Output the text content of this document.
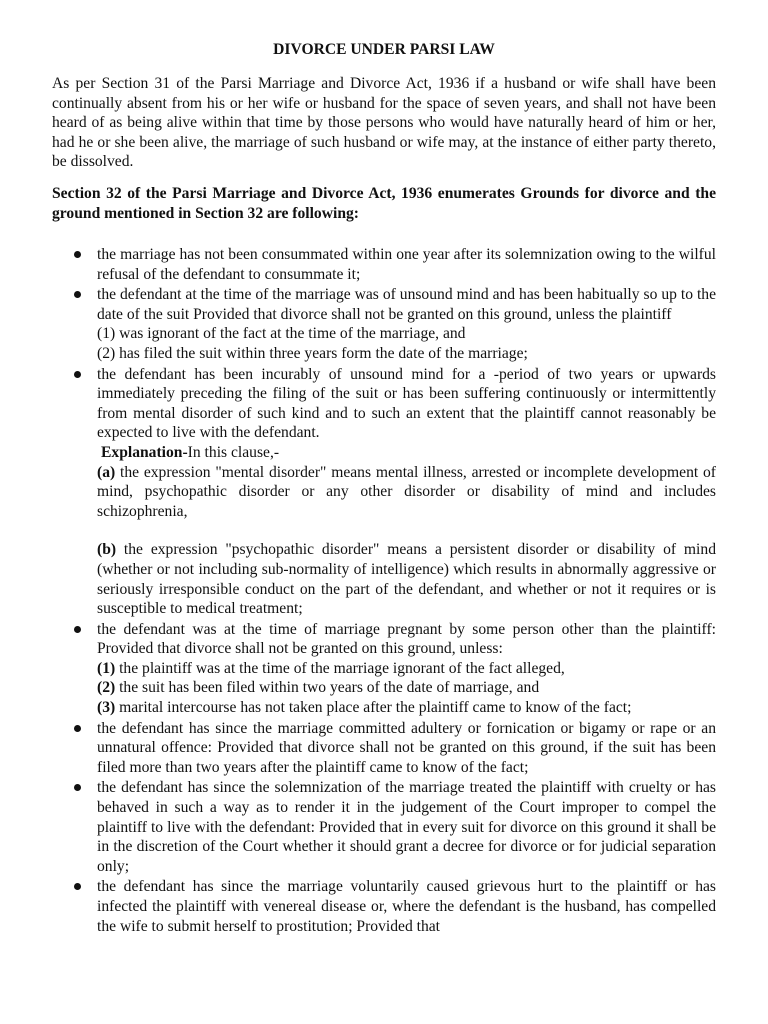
DIVORCE UNDER PARSI LAW

As per Section 31 of the Parsi Marriage and Divorce Act, 1936 if a husband or wife shall have been continually absent from his or her wife or husband for the space of seven years, and shall not have been heard of as being alive within that time by those persons who would have naturally heard of him or her, had he or she been alive, the marriage of such husband or wife may, at the instance of either party thereto, be dissolved.

Section 32 of the Parsi Marriage and Divorce Act, 1936 enumerates Grounds for divorce and the ground mentioned in Section 32 are following:

the marriage has not been consummated within one year after its solemnization owing to the wilful refusal of the defendant to consummate it;

the defendant at the time of the marriage was of unsound mind and has been habitually so up to the date of the suit Provided that divorce shall not be granted on this ground, unless the plaintiff

(1) was ignorant of the fact at the time of the marriage, and

(2) has filed the suit within three years form the date of the marriage;

the defendant has been incurably of unsound mind for a -period of two years or upwards immediately preceding the filing of the suit or has been suffering continuously or intermittently from mental disorder of such kind and to such an extent that the plaintiff cannot reasonably be expected to live with the defendant.

Explanation-In this clause,-

(a) the expression "mental disorder" means mental illness, arrested or incomplete development of mind, psychopathic disorder or any other disorder or disability of mind and includes schizophrenia,

(b) the expression "psychopathic disorder" means a persistent disorder or disability of mind (whether or not including sub-normality of intelligence) which results in abnormally aggressive or seriously irresponsible conduct on the part of the defendant, and whether or not it requires or is susceptible to medical treatment;

the defendant was at the time of marriage pregnant by some person other than the plaintiff: Provided that divorce shall not be granted on this ground, unless:

(1) the plaintiff was at the time of the marriage ignorant of the fact alleged,

(2) the suit has been filed within two years of the date of marriage, and

(3) marital intercourse has not taken place after the plaintiff came to know of the fact;

the defendant has since the marriage committed adultery or fornication or bigamy or rape or an unnatural offence: Provided that divorce shall not be granted on this ground, if the suit has been filed more than two years after the plaintiff came to know of the fact;

the defendant has since the solemnization of the marriage treated the plaintiff with cruelty or has behaved in such a way as to render it in the judgement of the Court improper to compel the plaintiff to live with the defendant: Provided that in every suit for divorce on this ground it shall be in the discretion of the Court whether it should grant a decree for divorce or for judicial separation only;

the defendant has since the marriage voluntarily caused grievous hurt to the plaintiff or has infected the plaintiff with venereal disease or, where the defendant is the husband, has compelled the wife to submit herself to prostitution; Provided that
